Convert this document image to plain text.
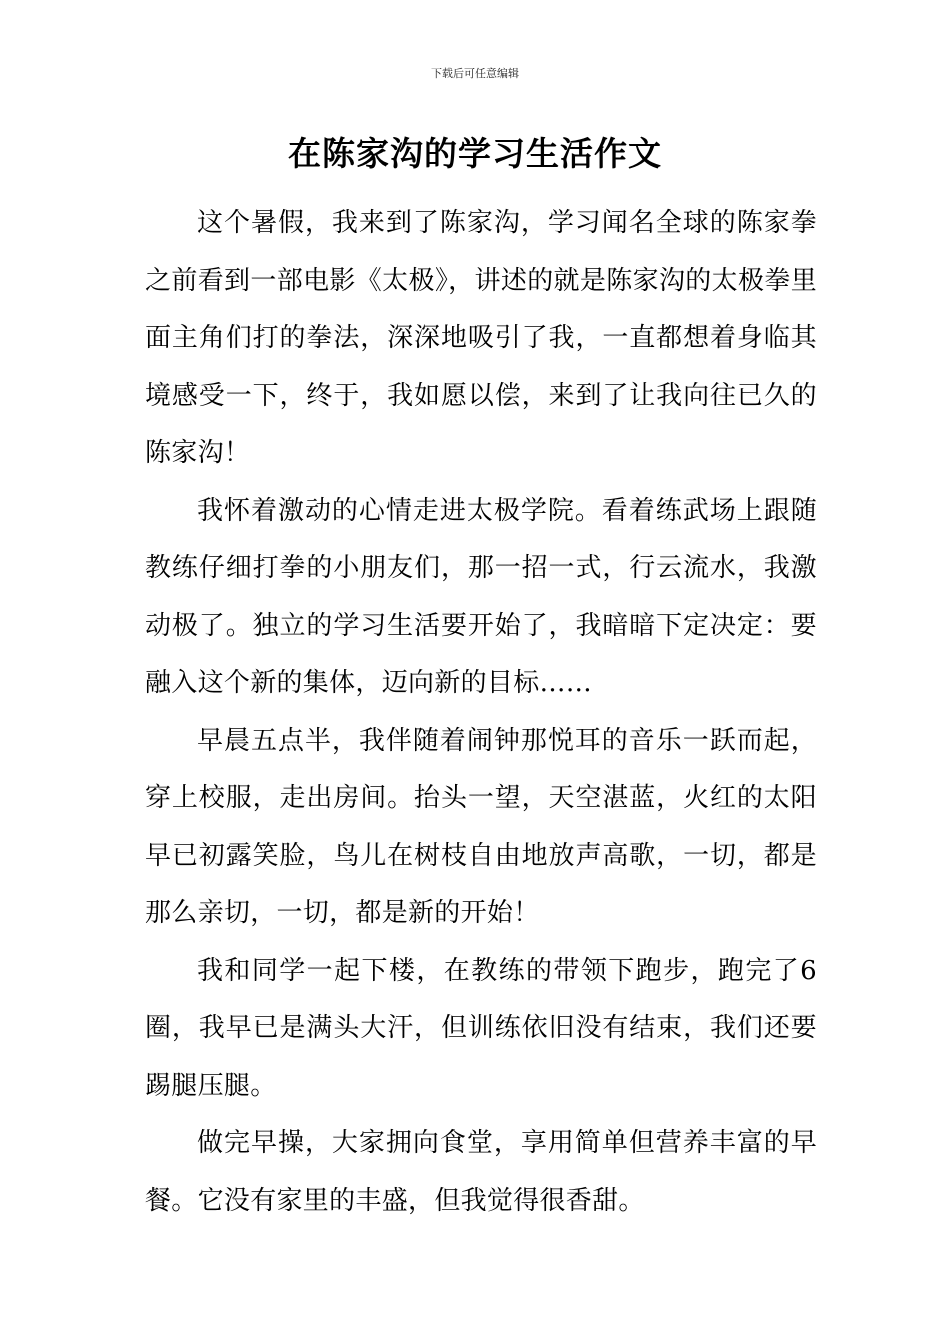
下载后可任意编辑
在陈家沟的学习生活作文

这个暑假，我来到了陈家沟，学习闻名全球的陈家拳之前看到一部电影《太极》，讲述的就是陈家沟的太极拳里面主角们打的拳法，深深地吸引了我，一直都想着身临其境感受一下，终于，我如愿以偿，来到了让我向往已久的陈家沟！

我怀着激动的心情走进太极学院。看着练武场上跟随教练仔细打拳的小朋友们，那一招一式，行云流水，我激动极了。独立的学习生活要开始了，我暗暗下定决定：要融入这个新的集体，迈向新的目标……

早晨五点半，我伴随着闹钟那悦耳的音乐一跃而起，穿上校服，走出房间。抬头一望，天空湛蓝，火红的太阳早已初露笑脸，鸟儿在树枝自由地放声高歌，一切，都是那么亲切，一切，都是新的开始！

我和同学一起下楼，在教练的带领下跑步，跑完了6圈，我早已是满头大汗，但训练依旧没有结束，我们还要踢腿压腿。

做完早操，大家拥向食堂，享用简单但营养丰富的早餐。它没有家里的丰盛，但我觉得很香甜。
